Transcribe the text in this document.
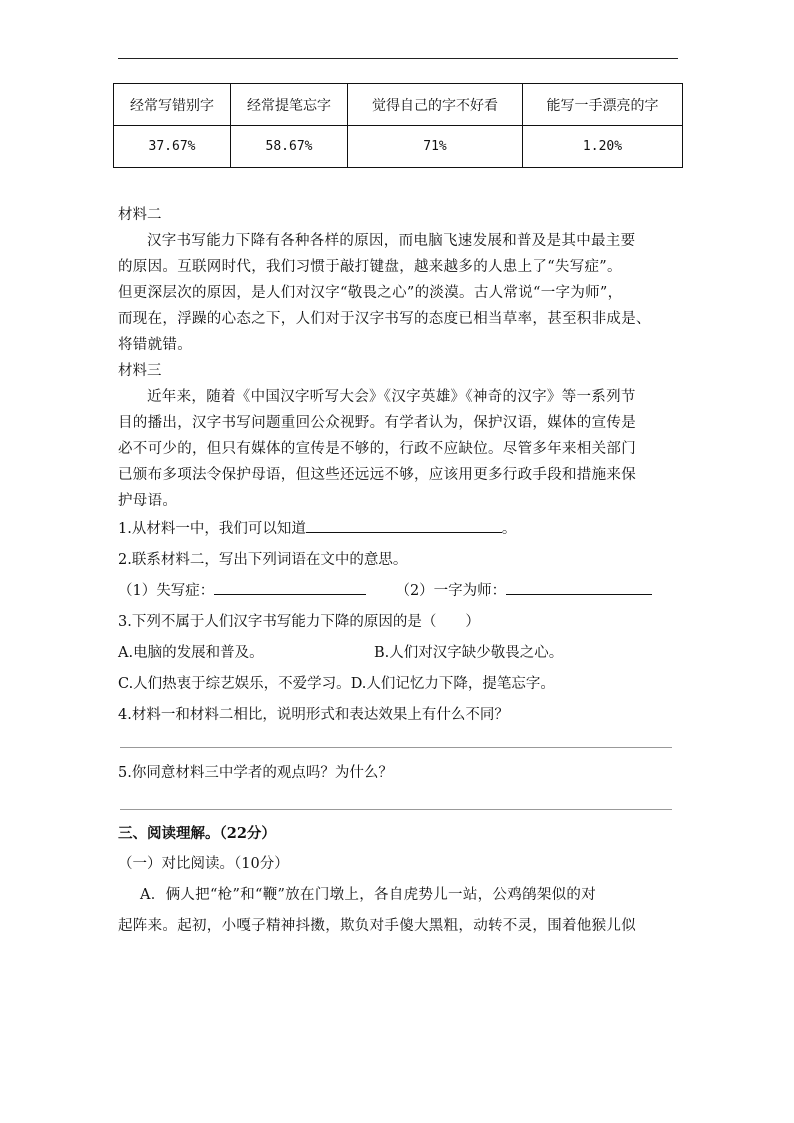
经常写错别字	经常提笔忘字	觉得自己的字不好看	能写一手漂亮的字
37.67%	58.67%	71%	1.20%
材料二
汉字书写能力下降有各种各样的原因，而电脑飞速发展和普及是其中最主要
的原因。互联网时代，我们习惯于敲打键盘，越来越多的人患上了“失写症”。
但更深层次的原因，是人们对汉字“敬畏之心”的淡漠。古人常说“一字为师”，
而现在，浮躁的心态之下，人们对于汉字书写的态度已相当草率，甚至积非成是、
将错就错。
材料三
近年来，随着《中国汉字听写大会》《汉字英雄》《神奇的汉字》等一系列节
目的播出，汉字书写问题重回公众视野。有学者认为，保护汉语，媒体的宣传是
必不可少的，但只有媒体的宣传是不够的，行政不应缺位。尽管多年来相关部门
已颁布多项法令保护母语，但这些还远远不够，应该用更多行政手段和措施来保
护母语。
1.从材料一中，我们可以知道	。
2.联系材料二，写出下列词语在文中的意思。
（1）失写症：	（2）一字为师：
3.下列不属于人们汉字书写能力下降的原因的是（　　）
A.电脑的发展和普及。	B.人们对汉字缺少敬畏之心。
C.人们热衷于综艺娱乐，不爱学习。D.人们记忆力下降，提笔忘字。
4.材料一和材料二相比，说明形式和表达效果上有什么不同？
5.你同意材料三中学者的观点吗？为什么？
三、阅读理解。（22分）
（一）对比阅读。（10分）
A．俩人把“枪”和“鞭”放在门墩上，各自虎势儿一站，公鸡鹐架似的对
起阵来。起初，小嘎子精神抖擞，欺负对手傻大黑粗，动转不灵，围着他猴儿似
